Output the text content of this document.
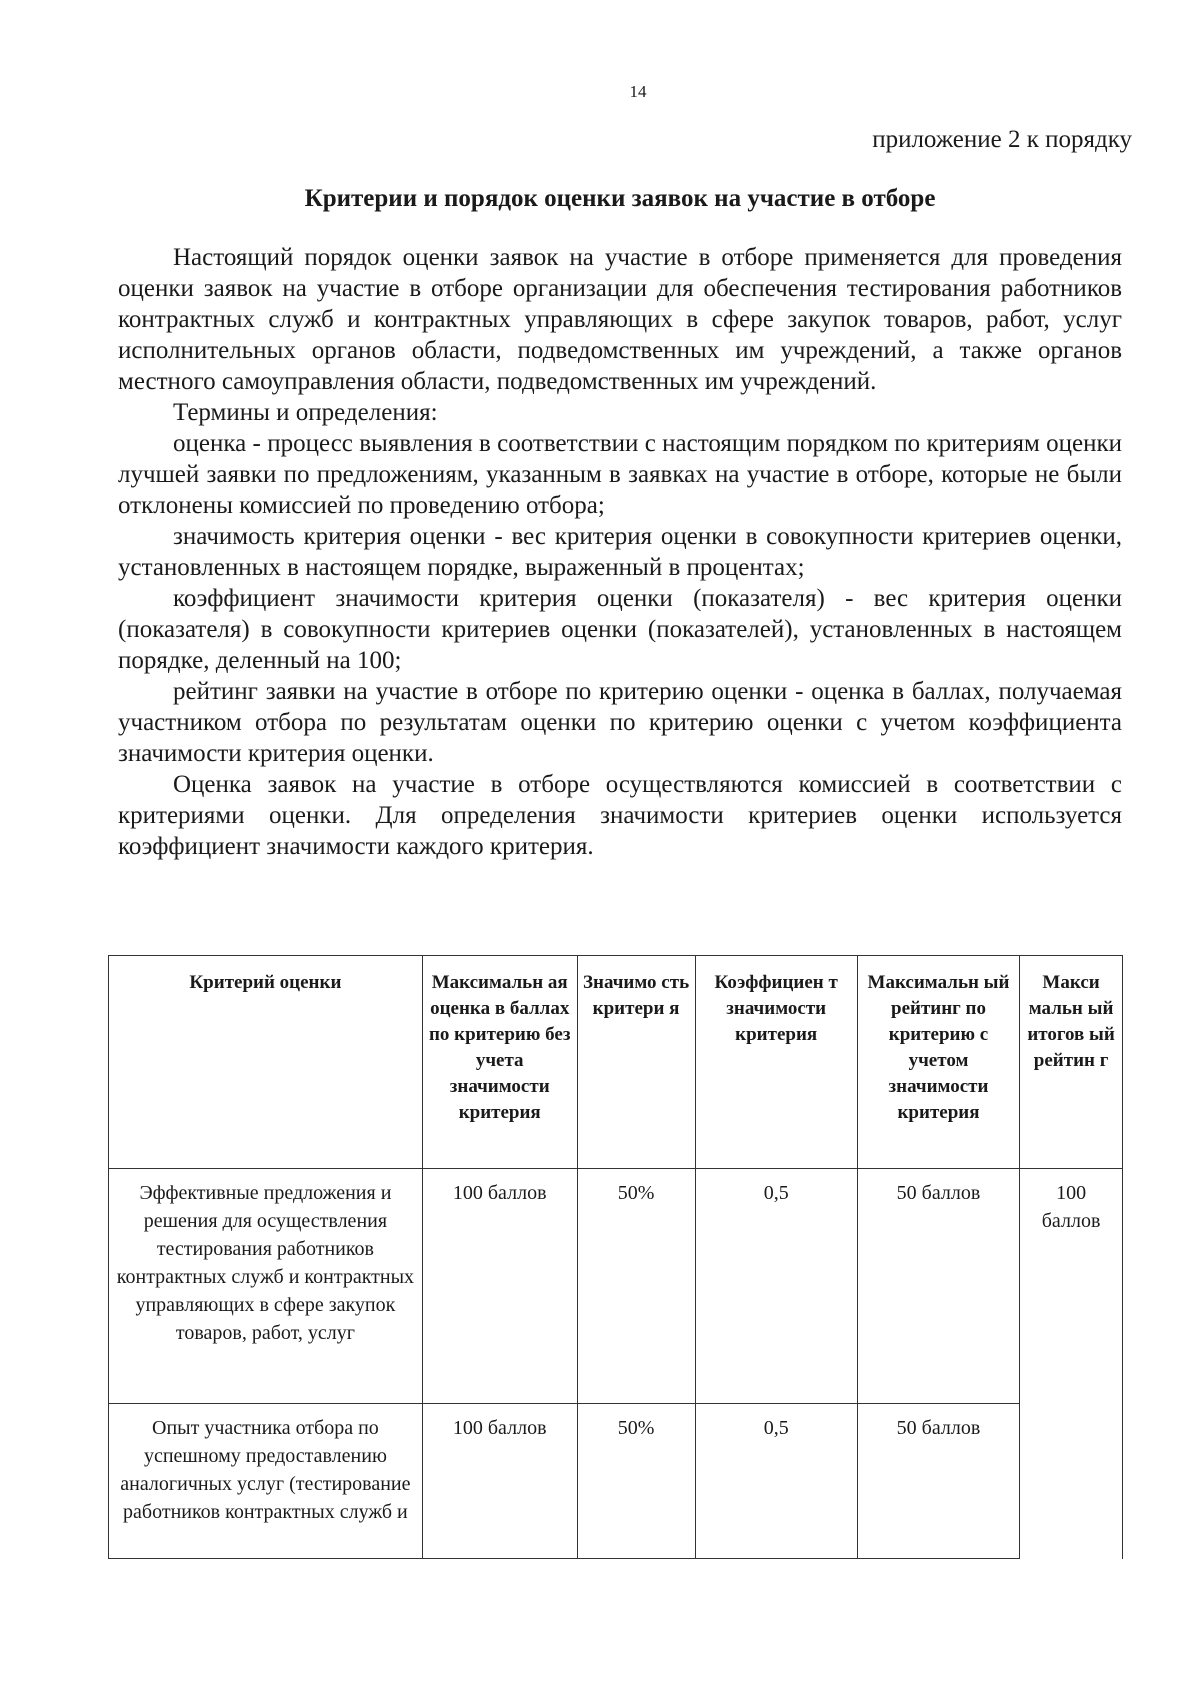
14
приложение 2 к порядку
Критерии и порядок оценки заявок на участие в отборе

Настоящий порядок оценки заявок на участие в отборе применяется для проведения оценки заявок на участие в отборе организации для обеспечения тестирования работников контрактных служб и контрактных управляющих в сфере закупок товаров, работ, услуг исполнительных органов области, подведомственных им учреждений, а также органов местного самоуправления области, подведомственных им учреждений.

Термины и определения:

оценка - процесс выявления в соответствии с настоящим порядком по критериям оценки лучшей заявки по предложениям, указанным в заявках на участие в отборе, которые не были отклонены комиссией по проведению отбора;

значимость критерия оценки - вес критерия оценки в совокупности критериев оценки, установленных в настоящем порядке, выраженный в процентах;

коэффициент значимости критерия оценки (показателя) - вес критерия оценки (показателя) в совокупности критериев оценки (показателей), установленных в настоящем порядке, деленный на 100;

рейтинг заявки на участие в отборе по критерию оценки - оценка в баллах, получаемая участником отбора по результатам оценки по критерию оценки с учетом коэффициента значимости критерия оценки.

Оценка заявок на участие в отборе осуществляются комиссией в соответствии с критериями оценки. Для определения значимости критериев оценки используется коэффициент значимости каждого критерия.

Критерий оценки	Максимальн ая оценка в баллах по критерию без учета значимости критерия	Значимо сть критери я	Коэффициен т значимости критерия	Максимальн ый рейтинг по критерию с учетом значимости критерия	Макси мальн ый итогов ый рейтин г
Эффективные предложения и решения для осуществления тестирования работников контрактных служб и контрактных управляющих в сфере закупок товаров, работ, услуг	100 баллов	50%	0,5	50 баллов	100 баллов
Опыт участника отбора по успешному предоставлению аналогичных услуг (тестирование работников контрактных служб и	100 баллов	50%	0,5	50 баллов	
